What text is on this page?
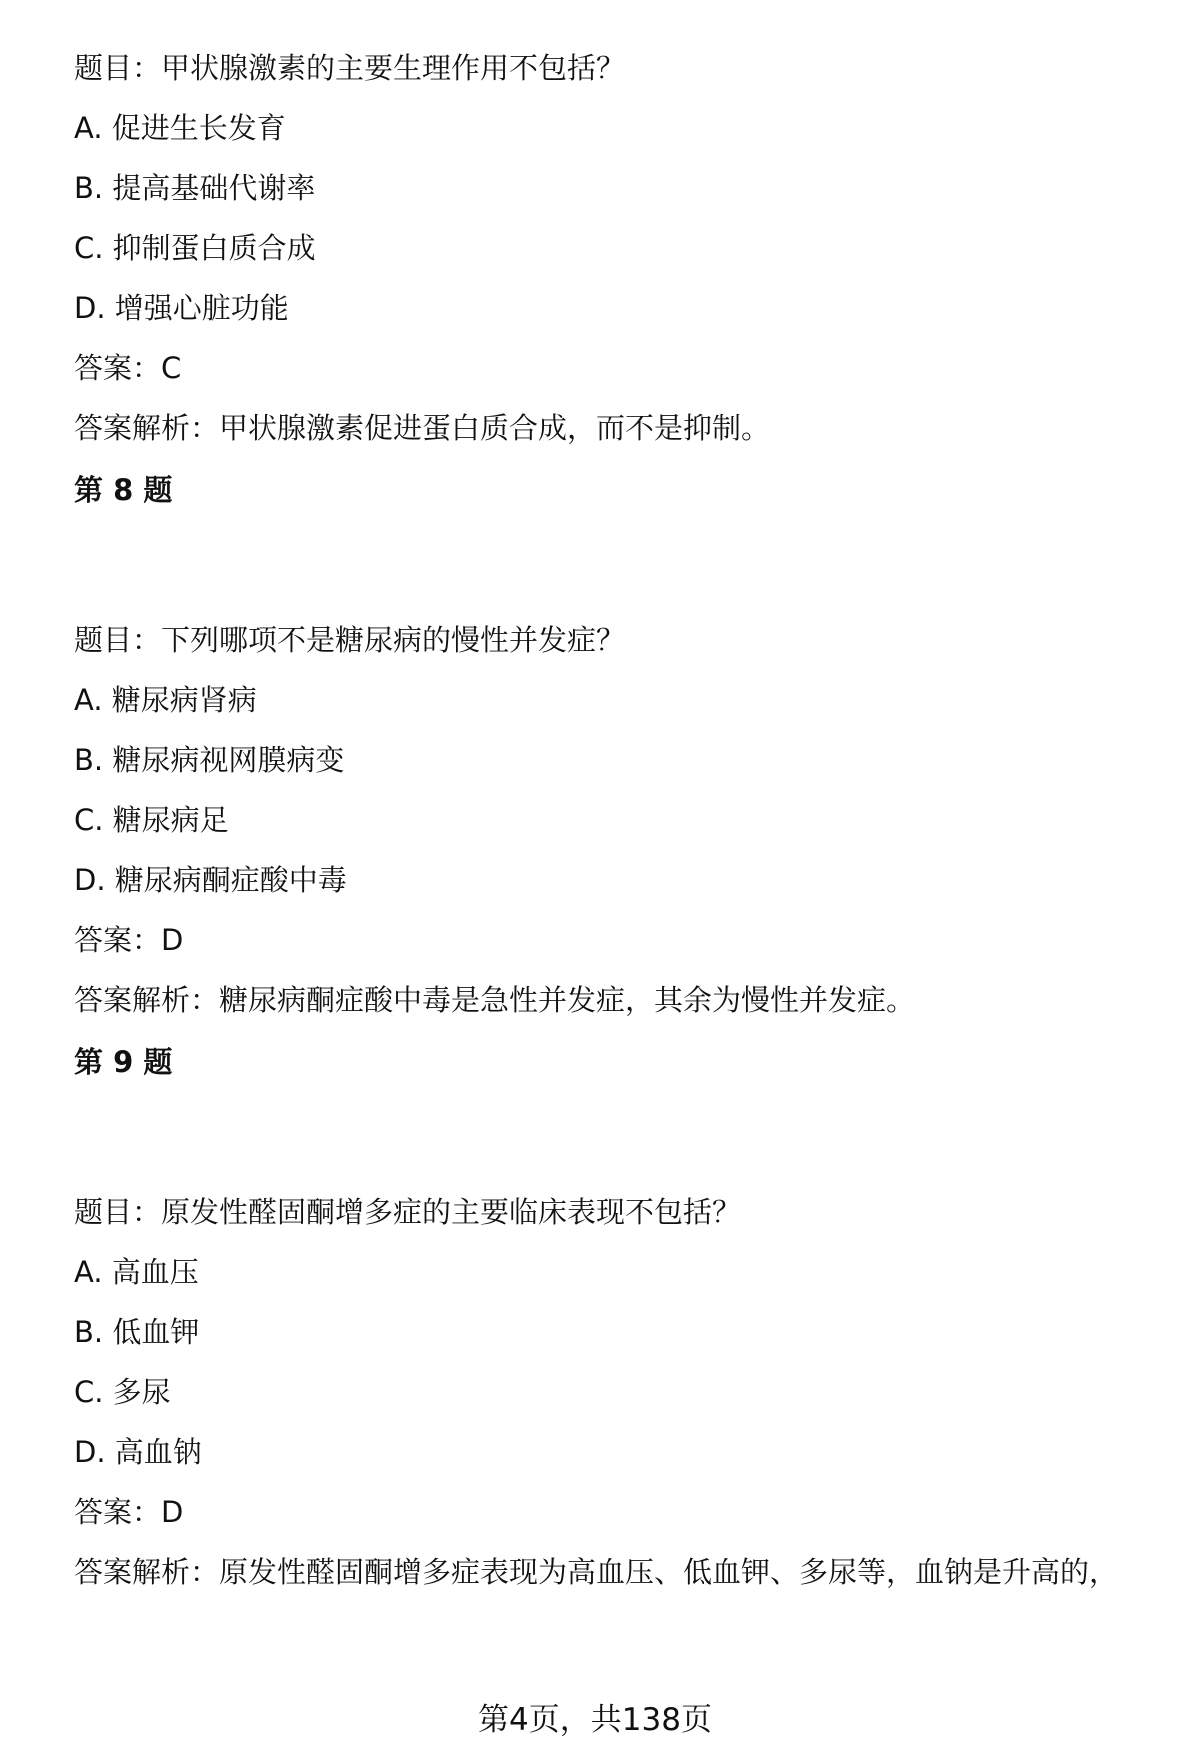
题目：甲状腺激素的主要生理作用不包括？
A. 促进生长发育
B. 提高基础代谢率
C. 抑制蛋白质合成
D. 增强心脏功能
答案：C
答案解析：甲状腺激素促进蛋白质合成，而不是抑制。
第 8 题
题目：下列哪项不是糖尿病的慢性并发症？
A. 糖尿病肾病
B. 糖尿病视网膜病变
C. 糖尿病足
D. 糖尿病酮症酸中毒
答案：D
答案解析：糖尿病酮症酸中毒是急性并发症，其余为慢性并发症。
第 9 题
题目：原发性醛固酮增多症的主要临床表现不包括？
A. 高血压
B. 低血钾
C. 多尿
D. 高血钠
答案：D
答案解析：原发性醛固酮增多症表现为高血压、低血钾、多尿等，血钠是升高的，
第4页，共138页
